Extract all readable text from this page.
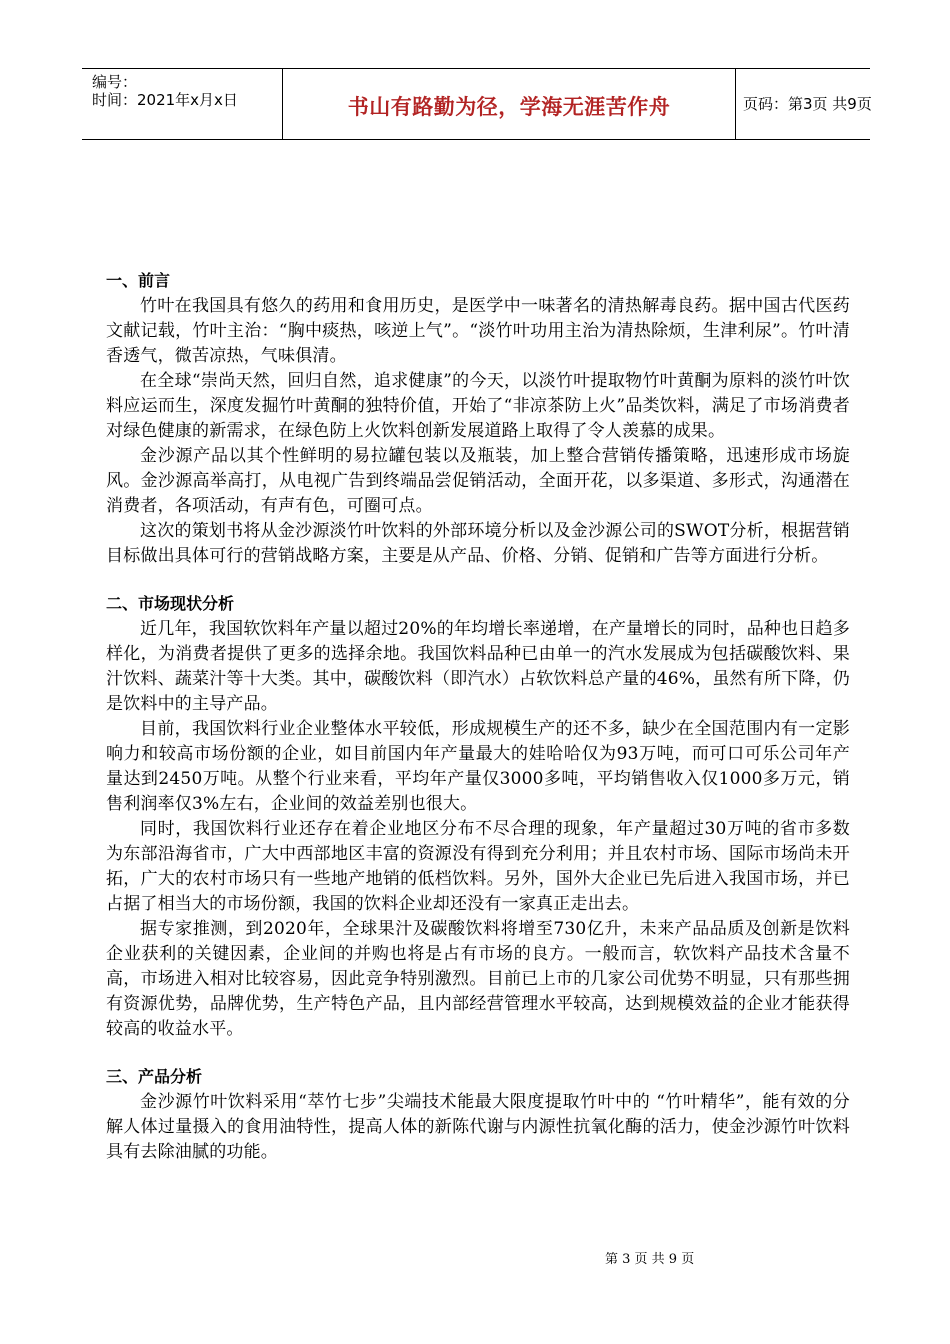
编号：
时间：2021年x月x日	书山有路勤为径，学海无涯苦作舟	页码：第3页 共9页
一、前言
竹叶在我国具有悠久的药用和食用历史，是医学中一味著名的清热解毒良药。据中国古代医药文献记载，竹叶主治：“胸中痰热，咳逆上气”。“淡竹叶功用主治为清热除烦，生津利尿”。竹叶清香透气，微苦凉热，气味俱清。
在全球“崇尚天然，回归自然，追求健康”的今天，以淡竹叶提取物竹叶黄酮为原料的淡竹叶饮料应运而生，深度发掘竹叶黄酮的独特价值，开始了“非凉茶防上火”品类饮料，满足了市场消费者对绿色健康的新需求，在绿色防上火饮料创新发展道路上取得了令人羡慕的成果。
金沙源产品以其个性鲜明的易拉罐包装以及瓶装，加上整合营销传播策略，迅速形成市场旋风。金沙源高举高打，从电视广告到终端品尝促销活动，全面开花，以多渠道、多形式，沟通潜在消费者，各项活动，有声有色，可圈可点。
这次的策划书将从金沙源淡竹叶饮料的外部环境分析以及金沙源公司的SWOT分析，根据营销目标做出具体可行的营销战略方案，主要是从产品、价格、分销、促销和广告等方面进行分析。
二、市场现状分析
近几年，我国软饮料年产量以超过20%的年均增长率递增，在产量增长的同时，品种也日趋多样化，为消费者提供了更多的选择余地。我国饮料品种已由单一的汽水发展成为包括碳酸饮料、果汁饮料、蔬菜汁等十大类。其中，碳酸饮料（即汽水）占软饮料总产量的46%，虽然有所下降，仍是饮料中的主导产品。
目前，我国饮料行业企业整体水平较低，形成规模生产的还不多，缺少在全国范围内有一定影响力和较高市场份额的企业，如目前国内年产量最大的娃哈哈仅为93万吨，而可口可乐公司年产量达到2450万吨。从整个行业来看，平均年产量仅3000多吨，平均销售收入仅1000多万元，销售利润率仅3%左右，企业间的效益差别也很大。
同时，我国饮料行业还存在着企业地区分布不尽合理的现象，年产量超过30万吨的省市多数为东部沿海省市，广大中西部地区丰富的资源没有得到充分利用；并且农村市场、国际市场尚未开拓，广大的农村市场只有一些地产地销的低档饮料。另外，国外大企业已先后进入我国市场，并已占据了相当大的市场份额，我国的饮料企业却还没有一家真正走出去。
据专家推测，到2020年，全球果汁及碳酸饮料将增至730亿升，未来产品品质及创新是饮料企业获利的关键因素，企业间的并购也将是占有市场的良方。一般而言，软饮料产品技术含量不高，市场进入相对比较容易，因此竞争特别激烈。目前已上市的几家公司优势不明显，只有那些拥有资源优势，品牌优势，生产特色产品，且内部经营管理水平较高，达到规模效益的企业才能获得较高的收益水平。
三、产品分析
金沙源竹叶饮料采用“萃竹七步”尖端技术能最大限度提取竹叶中的 “竹叶精华”，能有效的分解人体过量摄入的食用油特性，提高人体的新陈代谢与内源性抗氧化酶的活力，使金沙源竹叶饮料具有去除油腻的功能。
第 3 页 共 9 页
